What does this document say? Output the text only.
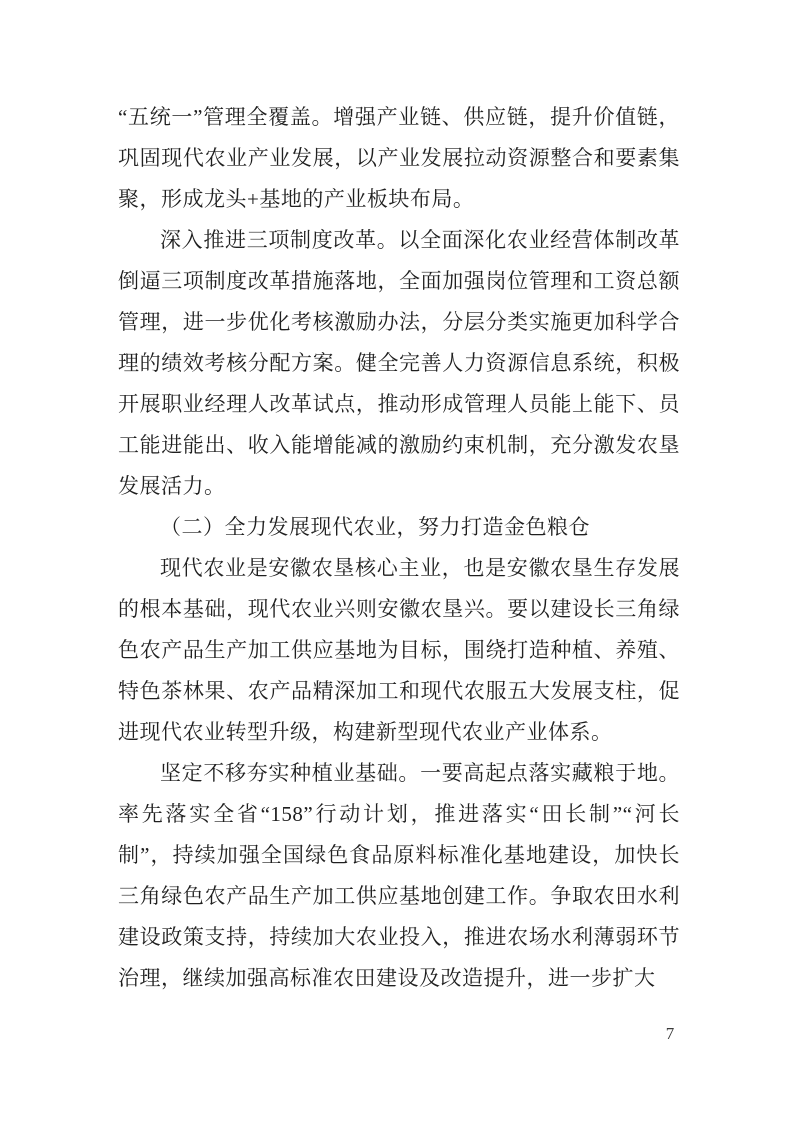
“五统一”管理全覆盖。增强产业链、供应链，提升价值链，巩固现代农业产业发展，以产业发展拉动资源整合和要素集聚，形成龙头+基地的产业板块布局。

深入推进三项制度改革。以全面深化农业经营体制改革倒逼三项制度改革措施落地，全面加强岗位管理和工资总额管理，进一步优化考核激励办法，分层分类实施更加科学合理的绩效考核分配方案。健全完善人力资源信息系统，积极开展职业经理人改革试点，推动形成管理人员能上能下、员工能进能出、收入能增能减的激励约束机制，充分激发农垦发展活力。

（二）全力发展现代农业，努力打造金色粮仓

现代农业是安徽农垦核心主业，也是安徽农垦生存发展的根本基础，现代农业兴则安徽农垦兴。要以建设长三角绿色农产品生产加工供应基地为目标，围绕打造种植、养殖、特色茶林果、农产品精深加工和现代农服五大发展支柱，促进现代农业转型升级，构建新型现代农业产业体系。

坚定不移夯实种植业基础。一要高起点落实藏粮于地。率先落实全省“158”行动计划，推进落实“田长制”“河长制”，持续加强全国绿色食品原料标准化基地建设，加快长三角绿色农产品生产加工供应基地创建工作。争取农田水利建设政策支持，持续加大农业投入，推进农场水利薄弱环节治理，继续加强高标准农田建设及改造提升，进一步扩大

7
